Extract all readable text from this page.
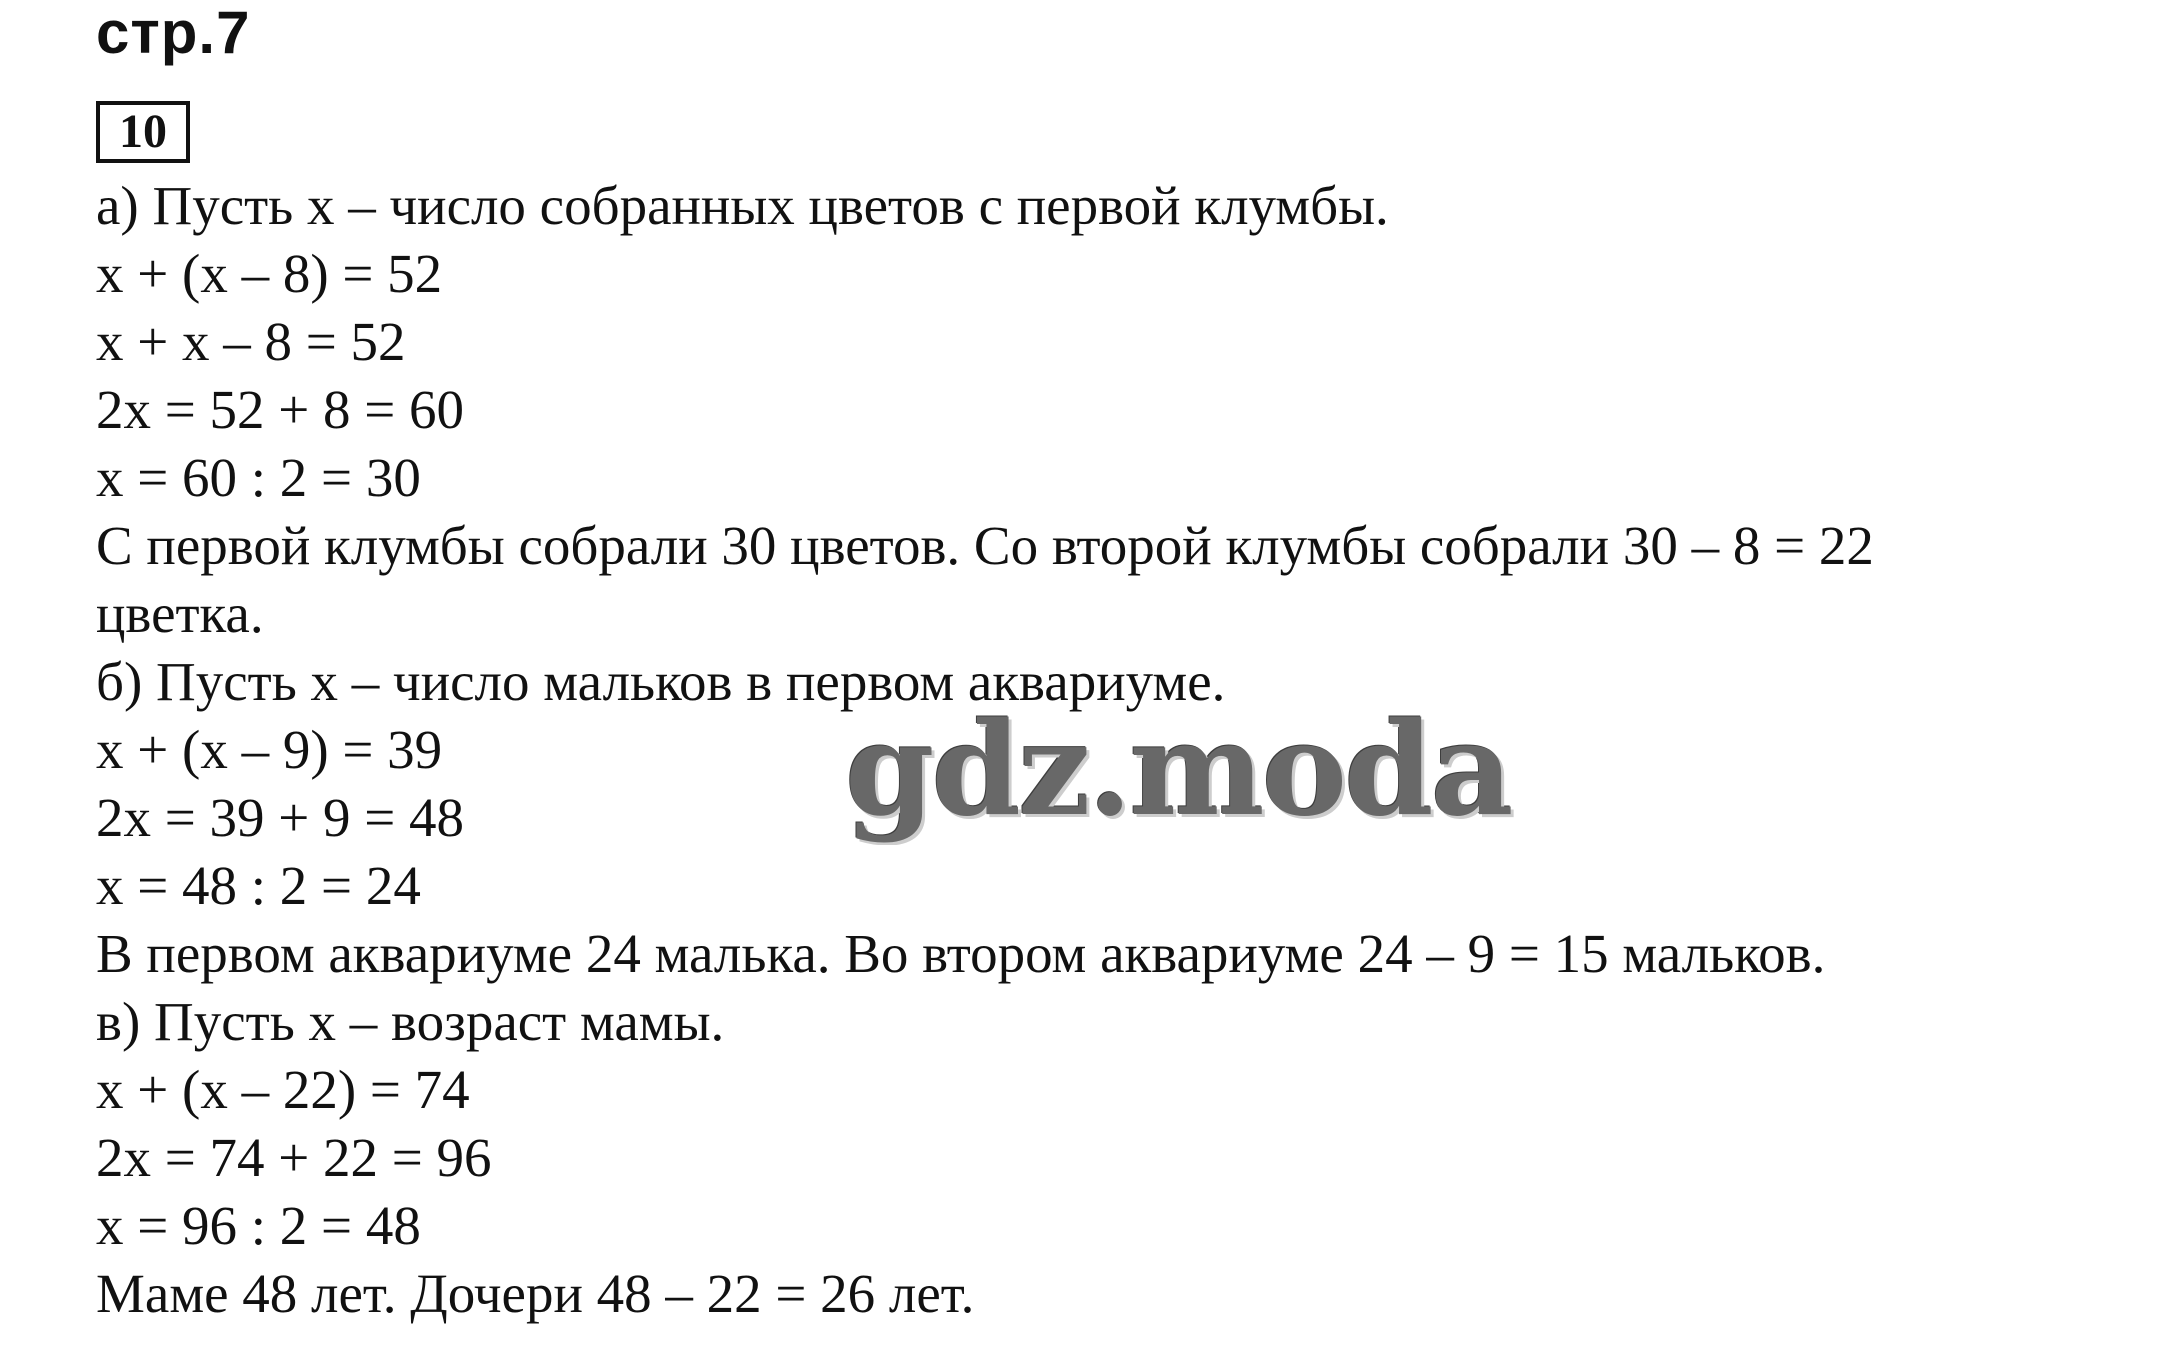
стр.7
10
а) Пусть х – число собранных цветов с первой клумбы.
х + (х – 8) = 52
х + х – 8 = 52
2х = 52 + 8 = 60
х = 60 : 2 = 30
С первой клумбы собрали 30 цветов. Со второй клумбы собрали 30 – 8 = 22
цветка.
б) Пусть х – число мальков в первом аквариуме.
х + (х – 9) = 39
2х = 39 + 9 = 48
х = 48 : 2 = 24
В первом аквариуме 24 малька. Во втором аквариуме 24 – 9 = 15 мальков.
в) Пусть х – возраст мамы.
х + (х – 22) = 74
2х = 74 + 22 = 96
х = 96 : 2 = 48
Маме 48 лет. Дочери 48 – 22 = 26 лет.
gdz.moda
